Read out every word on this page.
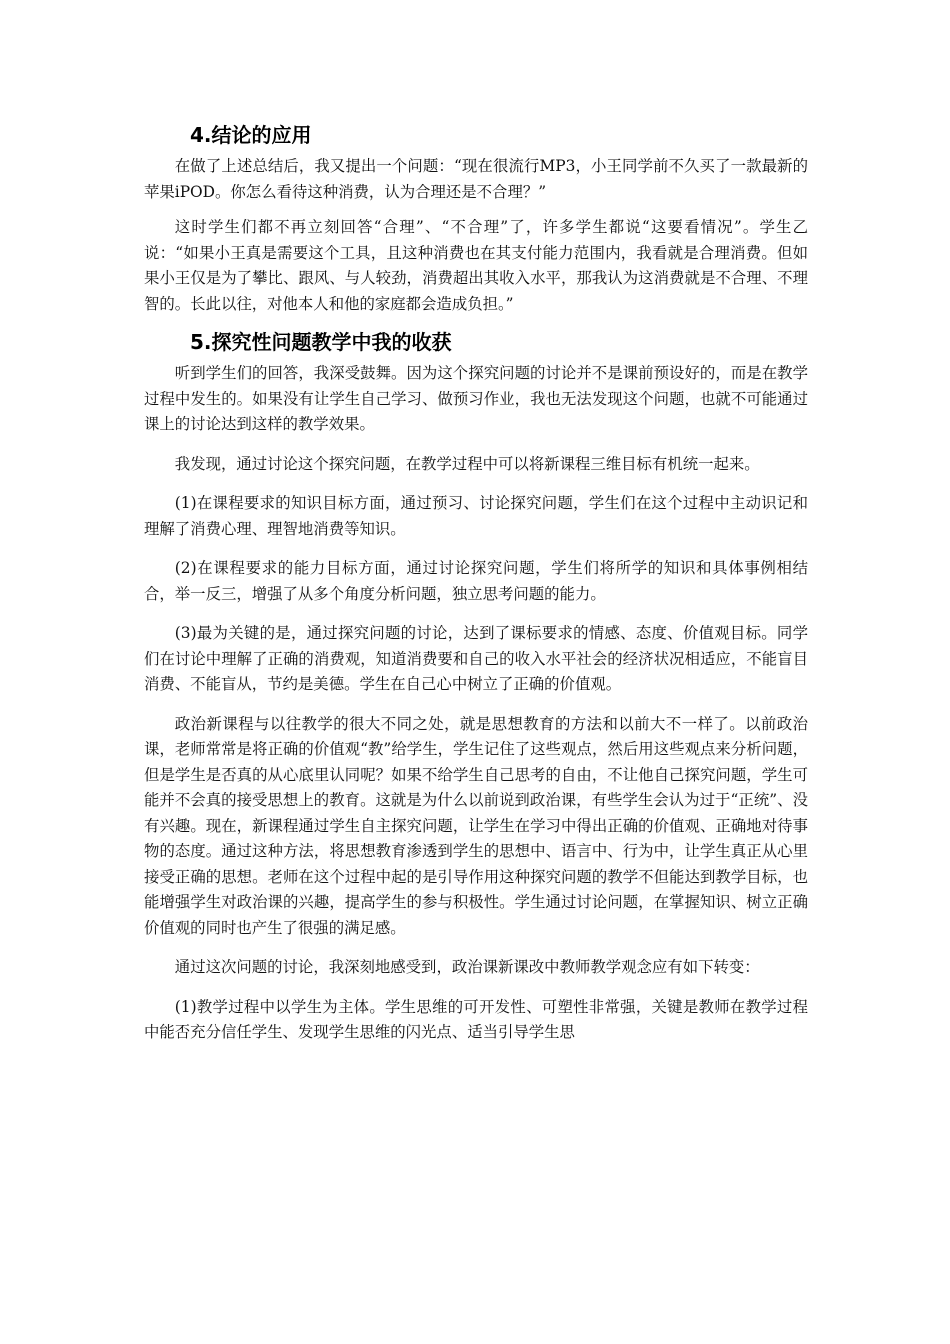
4.结论的应用

在做了上述总结后，我又提出一个问题：“现在很流行MP3，小王同学前不久买了一款最新的苹果iPOD。你怎么看待这种消费，认为合理还是不合理？”

这时学生们都不再立刻回答“合理”、“不合理”了，许多学生都说“这要看情况”。学生乙说：“如果小王真是需要这个工具，且这种消费也在其支付能力范围内，我看就是合理消费。但如果小王仅是为了攀比、跟风、与人较劲，消费超出其收入水平，那我认为这消费就是不合理、不理智的。长此以往，对他本人和他的家庭都会造成负担。”

5.探究性问题教学中我的收获

听到学生们的回答，我深受鼓舞。因为这个探究问题的讨论并不是课前预设好的，而是在教学过程中发生的。如果没有让学生自己学习、做预习作业，我也无法发现这个问题，也就不可能通过课上的讨论达到这样的教学效果。

我发现，通过讨论这个探究问题，在教学过程中可以将新课程三维目标有机统一起来。

(1)在课程要求的知识目标方面，通过预习、讨论探究问题，学生们在这个过程中主动识记和理解了消费心理、理智地消费等知识。

(2)在课程要求的能力目标方面，通过讨论探究问题，学生们将所学的知识和具体事例相结合，举一反三，增强了从多个角度分析问题，独立思考问题的能力。

(3)最为关键的是，通过探究问题的讨论，达到了课标要求的情感、态度、价值观目标。同学们在讨论中理解了正确的消费观，知道消费要和自己的收入水平社会的经济状况相适应，不能盲目消费、不能盲从，节约是美德。学生在自己心中树立了正确的价值观。

政治新课程与以往教学的很大不同之处，就是思想教育的方法和以前大不一样了。以前政治课，老师常常是将正确的价值观“教”给学生，学生记住了这些观点，然后用这些观点来分析问题，但是学生是否真的从心底里认同呢？如果不给学生自己思考的自由，不让他自己探究问题，学生可能并不会真的接受思想上的教育。这就是为什么以前说到政治课，有些学生会认为过于“正统”、没有兴趣。现在，新课程通过学生自主探究问题，让学生在学习中得出正确的价值观、正确地对待事物的态度。通过这种方法，将思想教育渗透到学生的思想中、语言中、行为中，让学生真正从心里接受正确的思想。老师在这个过程中起的是引导作用这种探究问题的教学不但能达到教学目标，也能增强学生对政治课的兴趣，提高学生的参与积极性。学生通过讨论问题，在掌握知识、树立正确价值观的同时也产生了很强的满足感。

通过这次问题的讨论，我深刻地感受到，政治课新课改中教师教学观念应有如下转变：

(1)教学过程中以学生为主体。学生思维的可开发性、可塑性非常强，关键是教师在教学过程中能否充分信任学生、发现学生思维的闪光点、适当引导学生思
